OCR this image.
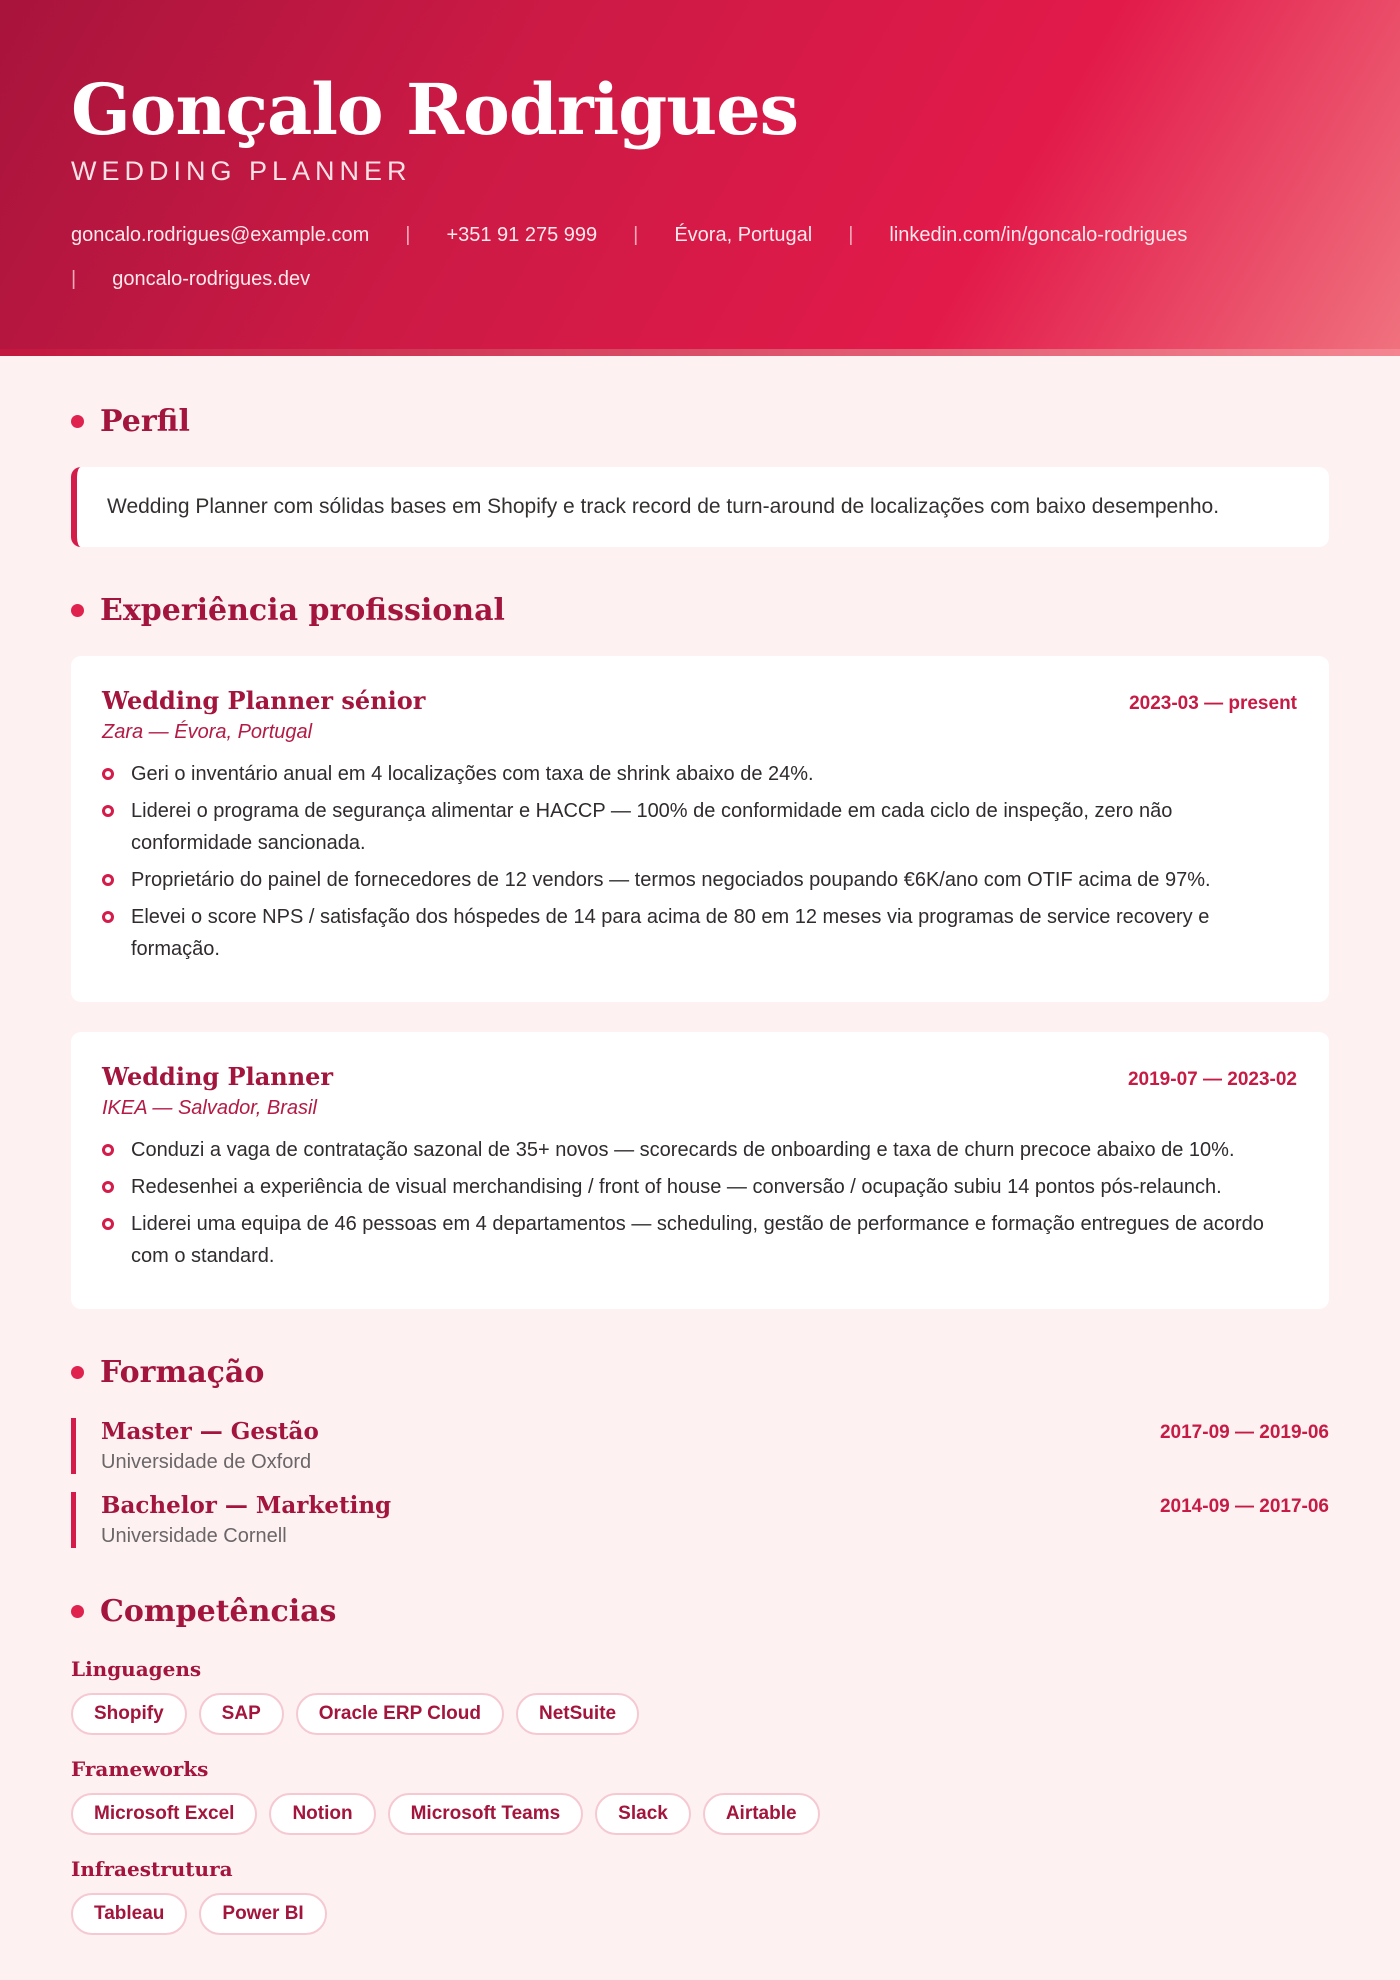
Gonçalo Rodrigues
WEDDING PLANNER
goncalo.rodrigues@example.com | +351 91 275 999 | Évora, Portugal | linkedin.com/in/goncalo-rodrigues
| goncalo-rodrigues.dev
Perfil
Wedding Planner com sólidas bases em Shopify e track record de turn-around de localizações com baixo desempenho.
Experiência profissional
Wedding Planner sénior	2023-03 — present
Zara — Évora, Portugal
Geri o inventário anual em 4 localizações com taxa de shrink abaixo de 24%.
Liderei o programa de segurança alimentar e HACCP — 100% de conformidade em cada ciclo de inspeção, zero não conformidade sancionada.
Proprietário do painel de fornecedores de 12 vendors — termos negociados poupando €6K/ano com OTIF acima de 97%.
Elevei o score NPS / satisfação dos hóspedes de 14 para acima de 80 em 12 meses via programas de service recovery e formação.
Wedding Planner	2019-07 — 2023-02
IKEA — Salvador, Brasil
Conduzi a vaga de contratação sazonal de 35+ novos — scorecards de onboarding e taxa de churn precoce abaixo de 10%.
Redesenhei a experiência de visual merchandising / front of house — conversão / ocupação subiu 14 pontos pós-relaunch.
Liderei uma equipa de 46 pessoas em 4 departamentos — scheduling, gestão de performance e formação entregues de acordo com o standard.
Formação
Master — Gestão
Universidade de Oxford
2017-09 — 2019-06
Bachelor — Marketing
Universidade Cornell
2014-09 — 2017-06
Competências
Linguagens
Shopify	SAP	Oracle ERP Cloud	NetSuite
Frameworks
Microsoft Excel	Notion	Microsoft Teams	Slack	Airtable
Infraestrutura
Tableau	Power BI
